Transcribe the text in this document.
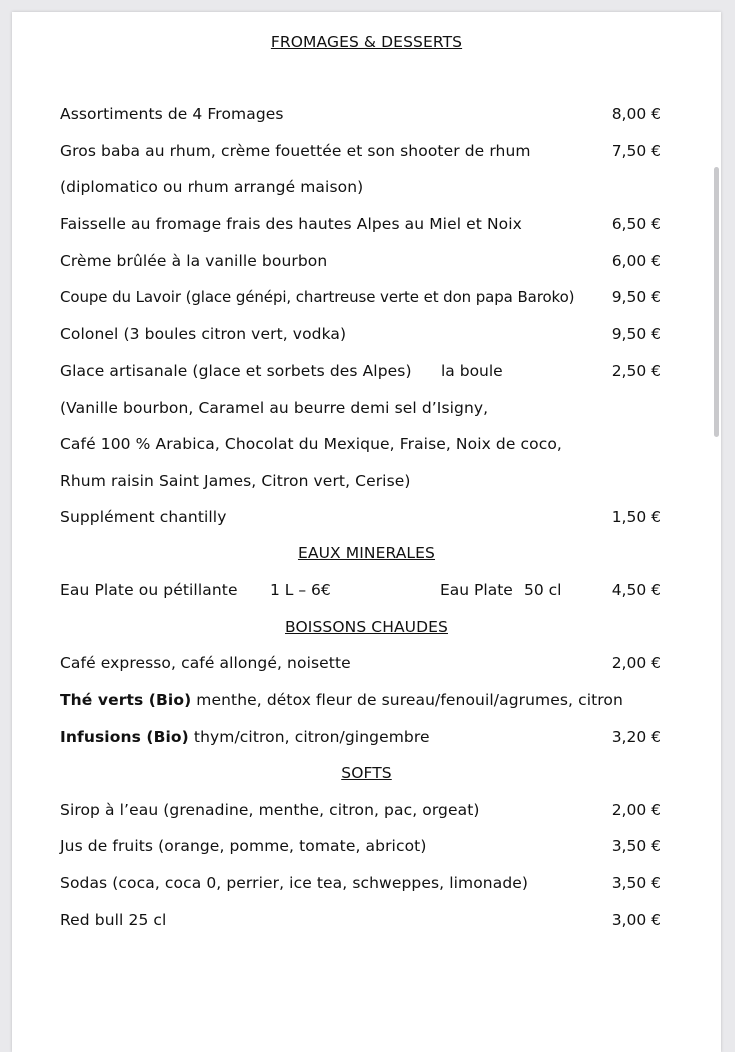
FROMAGES & DESSERTS
Assortiments de 4 Fromages	8,00 €
Gros baba au rhum, crème fouettée et son shooter de rhum	7,50 €
(diplomatico ou rhum arrangé maison)
Faisselle au fromage frais des hautes Alpes au Miel et Noix	6,50 €
Crème brûlée à la vanille bourbon	6,00 €
Coupe du Lavoir (glace génépi, chartreuse verte et don papa Baroko) 9,50 €
Colonel (3 boules citron vert, vodka)	9,50 €
Glace artisanale (glace et sorbets des Alpes) la boule	2,50 €
(Vanille bourbon, Caramel au beurre demi sel d’Isigny,
Café 100 % Arabica, Chocolat du Mexique, Fraise, Noix de coco,
Rhum raisin Saint James, Citron vert, Cerise)
Supplément chantilly	1,50 €
EAUX MINERALES
Eau Plate ou pétillante 1 L – 6€	Eau Plate 50 cl	4,50 €
BOISSONS CHAUDES
Café expresso, café allongé, noisette	2,00 €
Thé verts (Bio) menthe, détox fleur de sureau/fenouil/agrumes, citron
Infusions (Bio) thym/citron, citron/gingembre	3,20 €
SOFTS
Sirop à l’eau (grenadine, menthe, citron, pac, orgeat)	2,00 €
Jus de fruits (orange, pomme, tomate, abricot)	3,50 €
Sodas (coca, coca 0, perrier, ice tea, schweppes, limonade)	3,50 €
Red bull 25 cl	3,00 €
